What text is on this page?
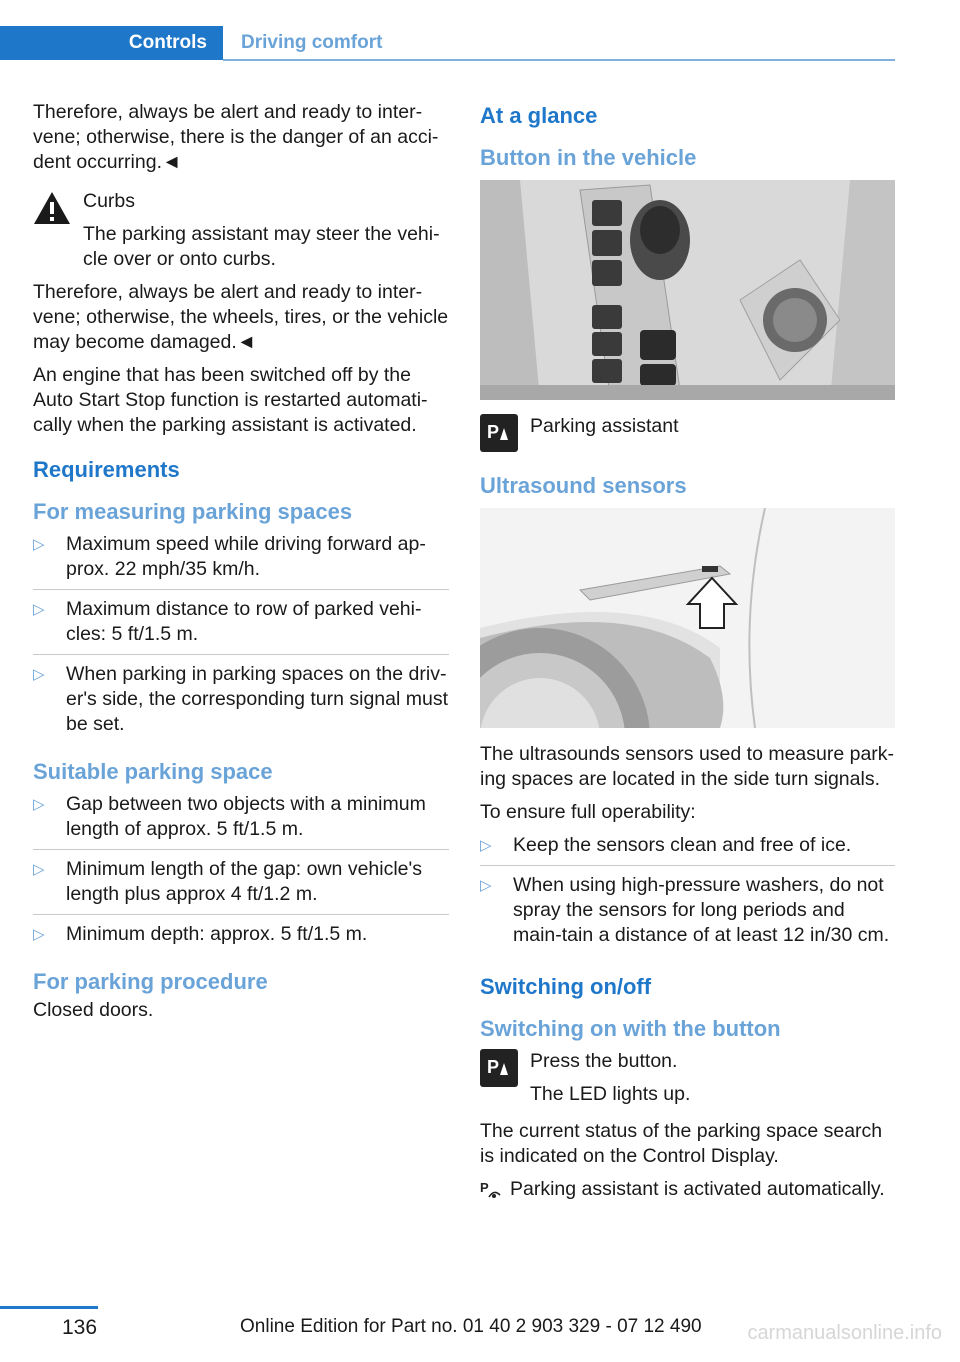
Controls	Driving comfort

Therefore, always be alert and ready to inter-vene; otherwise, there is the danger of an acci-dent occurring.◄

Curbs

The parking assistant may steer the vehi-cle over or onto curbs.

Therefore, always be alert and ready to inter-vene; otherwise, the wheels, tires, or the vehicle may become damaged.◄

An engine that has been switched off by the Auto Start Stop function is restarted automati-cally when the parking assistant is activated.

Requirements
For measuring parking spaces
▷ Maximum speed while driving forward ap-prox. 22 mph/35 km/h.
▷ Maximum distance to row of parked vehi-cles: 5 ft/1.5 m.
▷ When parking in parking spaces on the driv-er's side, the corresponding turn signal must be set.
Suitable parking space
▷ Gap between two objects with a minimum length of approx. 5 ft/1.5 m.
▷ Minimum length of the gap: own vehicle's length plus approx 4 ft/1.2 m.
▷ Minimum depth: approx. 5 ft/1.5 m.
For parking procedure

Closed doors.

At a glance
Button in the vehicle
P	Parking assistant

Ultrasound sensors

The ultrasounds sensors used to measure park-ing spaces are located in the side turn signals.

To ensure full operability:

▷ Keep the sensors clean and free of ice.
▷ When using high-pressure washers, do not spray the sensors for long periods and main-tain a distance of at least 12 in/30 cm.
Switching on/off
Switching on with the button
P	Press the button.

The LED lights up.

The current status of the parking space search is indicated on the Control Display.

P	Parking assistant is activated automatically.

136	Online Edition for Part no. 01 40 2 903 329 - 07 12 490 carmanualsonline.info
